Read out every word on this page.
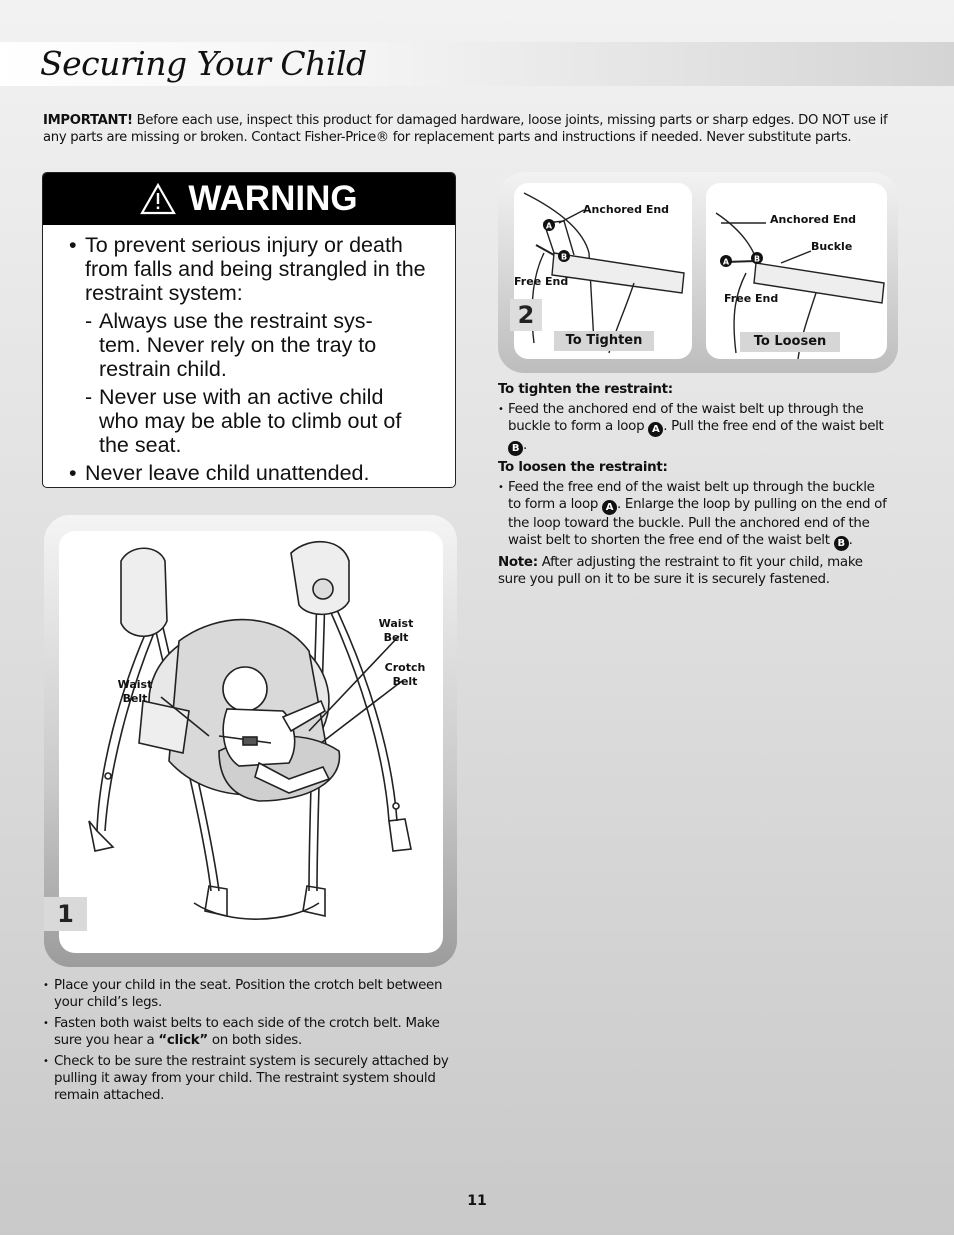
Securing Your Child
IMPORTANT! Before each use, inspect this product for damaged hardware, loose joints, missing parts or sharp edges. DO NOT use if any parts are missing or broken. Contact Fisher-Price® for replacement parts and instructions if needed. Never substitute parts.
WARNING
• To prevent serious injury or death from falls and being strangled in the restraint system:
- Always use the restraint sys-tem. Never rely on the tray to restrain child.
- Never use with an active child who may be able to climb out of the seat.
• Never leave child unattended.
Waist Belt
Waist Belt
Crotch Belt
1
A
B
Anchored End
Free End
A	B
Anchored End
Buckle
Free End
2
To Tighten	To Loosen
• Place your child in the seat. Position the crotch belt between your child’s legs.
• Fasten both waist belts to each side of the crotch belt. Make sure you hear a “click” on both sides.
• Check to be sure the restraint system is securely attached by pulling it away from your child. The restraint system should remain attached.
To tighten the restraint:
• Feed the anchored end of the waist belt up through the buckle to form a loop A . Pull the free end of the waist belt B .
To loosen the restraint:
• Feed the free end of the waist belt up through the buckle to form a loop A . Enlarge the loop by pulling on the end of the loop toward the buckle. Pull the anchored end of the waist belt to shorten the free end of the waist belt B .
Note: After adjusting the restraint to fit your child, make sure you pull on it to be sure it is securely fastened.
11
